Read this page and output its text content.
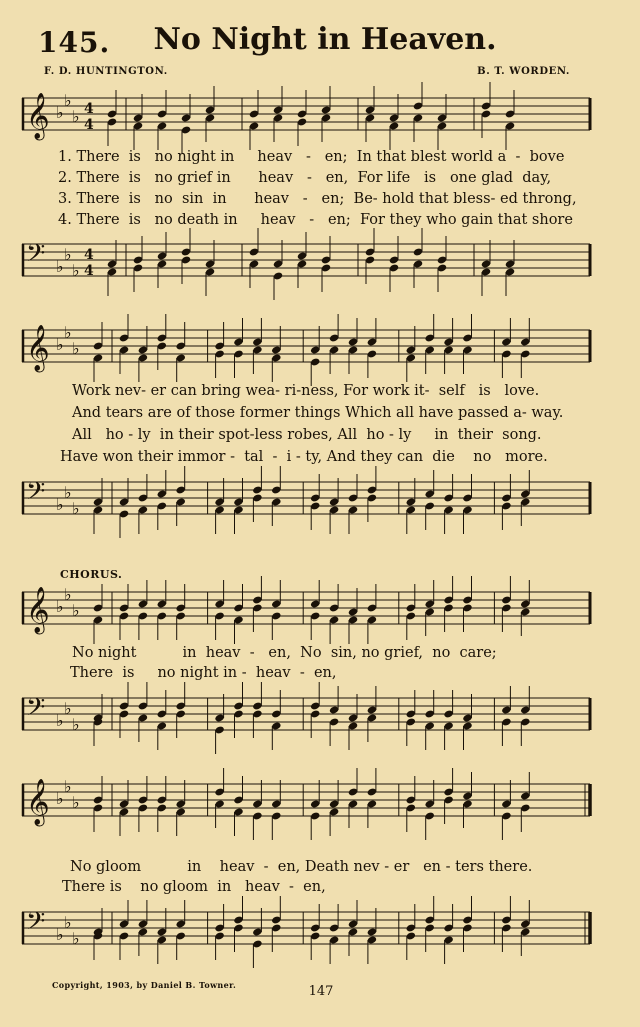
145.	No Night in Heaven.
F. D. HUNTINGTON.	B. T. WORDEN.
𝄞 ♭
♭
♭ 4
4
1. There  is   no night in     heav   -   en;  In that blest world a  -  bove
2. There  is   no grief in      heav   -   en,  For life   is   one glad  day,
3. There  is   no  sin  in      heav   -   en;  Be- hold that bless- ed throng,
4. There  is   no death in     heav   -   en;  For they who gain that shore
𝄢 ♭
♭
♭
4
4
𝄞 ♭
♭
♭
Work nev- er can bring wea- ri-ness, For work it-  self   is   love.
And tears are of those former things Which all have passed a- way.
All   ho - ly  in their spot-less robes, All  ho - ly     in  their  song.
Have won their immor -  tal  -  i - ty, And they can  die    no   more.
𝄢 ♭
♭
♭
CHORUS.
𝄞 ♭
♭
♭
No night          in  heav  -   en,  No  sin, no grief,  no  care;
There  is     no night in -  heav  -  en,
𝄢 ♭
♭
♭
𝄞 ♭
♭
♭
No gloom          in    heav  -  en, Death nev - er   en - ters there.
There is    no gloom  in   heav  -  en,
𝄢 ♭
♭
♭
Copyright, 1903, by Daniel B. Towner.	147
